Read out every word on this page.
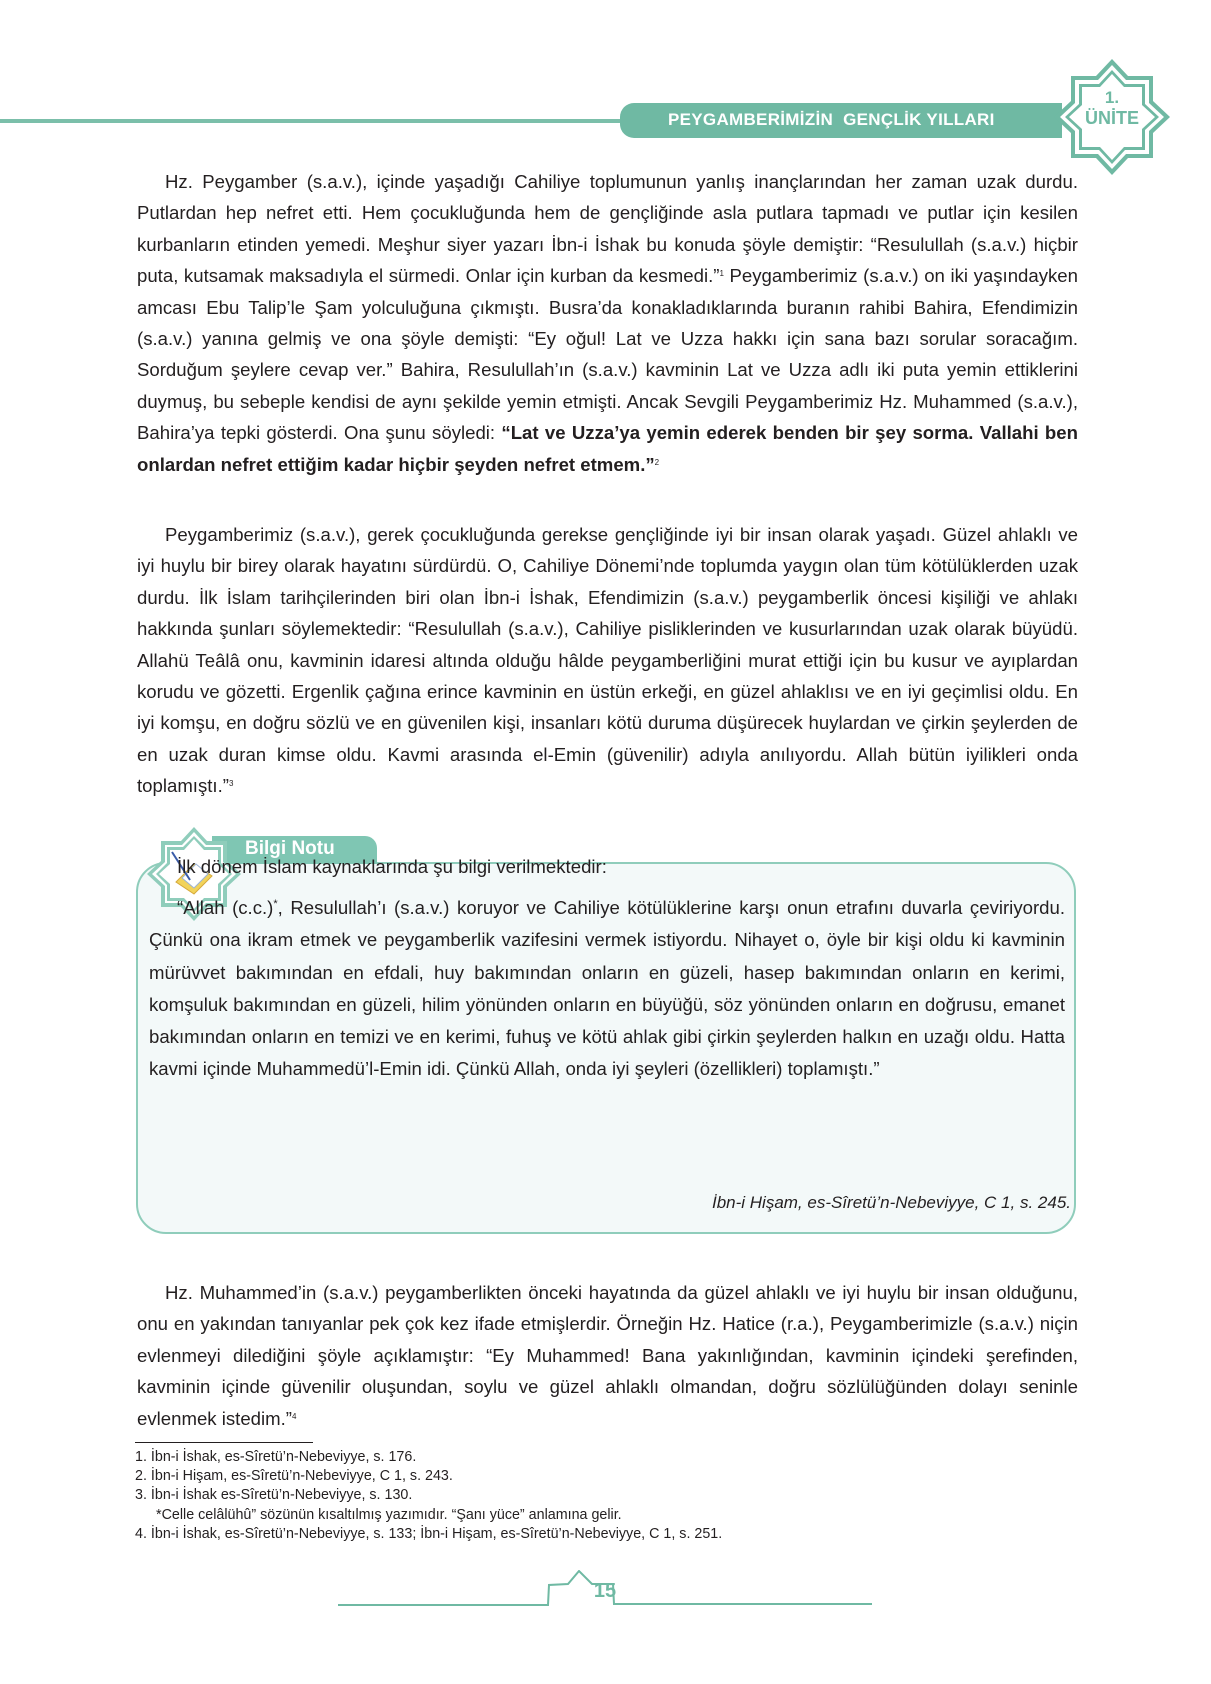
PEYGAMBERİMİZİN  GENÇLİK YILLARI
1.
ÜNİTE

Hz. Peygamber (s.a.v.), içinde yaşadığı Cahiliye toplumunun yanlış inançlarından her zaman uzak durdu. Putlardan hep nefret etti. Hem çocukluğunda hem de gençliğinde asla putlara tapmadı ve putlar için kesilen kurbanların etinden yemedi. Meşhur siyer yazarı İbn-i İshak bu konuda şöyle demiştir: “Resulullah (s.a.v.) hiçbir puta, kutsamak maksadıyla el sürmedi. Onlar için kurban da kesmedi.”$^1$ Peygamberimiz (s.a.v.) on iki yaşındayken amcası Ebu Talip’le Şam yolculuğuna çıkmıştı. Busra’da konakladıklarında buranın rahibi Bahira, Efendimizin (s.a.v.) yanına gelmiş ve ona şöyle demişti: “Ey oğul! Lat ve Uzza hakkı için sana bazı sorular soracağım. Sorduğum şeylere cevap ver.” Bahira, Resulullah’ın (s.a.v.) kavminin Lat ve Uzza adlı iki puta yemin ettiklerini duymuş, bu sebeple kendisi de aynı şekilde yemin etmişti. Ancak Sevgili Peygamberimiz Hz. Muhammed (s.a.v.), Bahira’ya tepki gösterdi. Ona şunu söyledi: “Lat ve Uzza’ya yemin ederek benden bir şey sorma. Vallahi ben onlardan nefret ettiğim kadar hiçbir şeyden nefret etmem.”$^2$

Peygamberimiz (s.a.v.), gerek çocukluğunda gerekse gençliğinde iyi bir insan olarak yaşadı. Güzel ahlaklı ve iyi huylu bir birey olarak hayatını sürdürdü. O, Cahiliye Dönemi’nde toplumda yaygın olan tüm kötülüklerden uzak durdu. İlk İslam tarihçilerinden biri olan İbn-i İshak, Efendimizin (s.a.v.) peygamberlik öncesi kişiliği ve ahlakı hakkında şunları söylemektedir: “Resulullah (s.a.v.), Cahiliye pisliklerinden ve kusurlarından uzak olarak büyüdü. Allahü Teâlâ onu, kavminin idaresi altında olduğu hâlde peygamberliğini murat ettiği için bu kusur ve ayıplardan korudu ve gözetti. Ergenlik çağına erince kavminin en üstün erkeği, en güzel ahlaklısı ve en iyi geçimlisi oldu. En iyi komşu, en doğru sözlü ve en güvenilen kişi, insanları kötü duruma düşürecek huylardan ve çirkin şeylerden de en uzak duran kimse oldu. Kavmi arasında el-Emin (güvenilir) adıyla anılıyordu. Allah bütün iyilikleri onda toplamıştı.”$^3$

Bilgi Notu

İlk dönem İslam kaynaklarında şu bilgi verilmektedir:

“Allah (c.c.)*, Resulullah’ı (s.a.v.) koruyor ve Cahiliye kötülüklerine karşı onun etrafını duvarla çeviriyordu. Çünkü ona ikram etmek ve peygamberlik vazifesini vermek istiyordu. Nihayet o, öyle bir kişi oldu ki kavminin mürüvvet bakımından en efdali, huy bakımından onların en güzeli, hasep bakımından onların en kerimi, komşuluk bakımından en güzeli, hilim yönünden onların en büyüğü, söz yönünden onların en doğrusu, emanet bakımından onların en temizi ve en kerimi, fuhuş ve kötü ahlak gibi çirkin şeylerden halkın en uzağı oldu. Hatta kavmi içinde Muhammedü’l-Emin idi. Çünkü Allah, onda iyi şeyleri (özellikleri) toplamıştı.”

İbn-i Hişam, es-Sîretü’n-Nebeviyye, C 1, s. 245.

Hz. Muhammed’in (s.a.v.) peygamberlikten önceki hayatında da güzel ahlaklı ve iyi huylu bir insan olduğunu, onu en yakından tanıyanlar pek çok kez ifade etmişlerdir. Örneğin Hz. Hatice (r.a.), Peygamberimizle (s.a.v.) niçin evlenmeyi dilediğini şöyle açıklamıştır: “Ey Muhammed! Bana yakınlığından, kavminin içindeki şerefinden, kavminin içinde güvenilir oluşundan, soylu ve güzel ahlaklı olmandan, doğru sözlülüğünden dolayı seninle evlenmek istedim.”$^4$

1. İbn-i İshak, es-Sîretü’n-Nebeviyye, s. 176.
2. İbn-i Hişam, es-Sîretü’n-Nebeviyye, C 1, s. 243.
3. İbn-i İshak es-Sîretü’n-Nebeviyye, s. 130.
*Celle celâlühû” sözünün kısaltılmış yazımıdır. “Şanı yüce” anlamına gelir.
4. İbn-i İshak, es-Sîretü’n-Nebeviyye, s. 133; İbn-i Hişam, es-Sîretü’n-Nebeviyye, C 1, s. 251.
15
